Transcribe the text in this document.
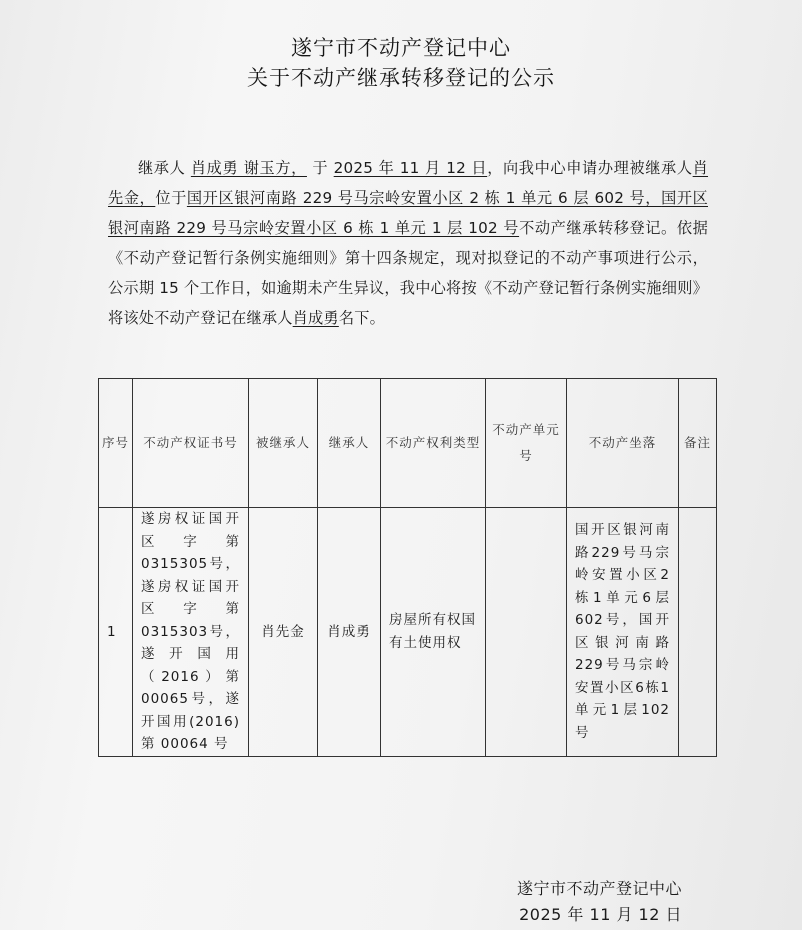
遂宁市不动产登记中心
关于不动产继承转移登记的公示
继承人 肖成勇 谢玉方， 于 2025 年 11 月 12 日，向我中心申请办理被继承人肖先金，位于国开区银河南路 229 号马宗岭安置小区 2 栋 1 单元 6 层 602 号，国开区银河南路 229 号马宗岭安置小区 6 栋 1 单元 1 层 102 号不动产继承转移登记。依据《不动产登记暂行条例实施细则》第十四条规定，现对拟登记的不动产事项进行公示，公示期 15 个工作日，如逾期未产生异议，我中心将按《不动产登记暂行条例实施细则》将该处不动产登记在继承人肖成勇名下。
序号	不动产权证书号	被继承人	继承人	不动产权利类型	不动产单元号	不动产坐落	备注
1	遂房权证国开区字第0315305号，遂房权证国开区字第0315303号，遂开国用（2016）第00065号，遂开国用(2016)第 00064 号	肖先金	肖成勇	房屋所有权国有土使用权		国开区银河南路229号马宗岭安置小区2栋1单元6层602号，国开区银河南路229号马宗岭安置小区6栋1单元1层102号	
遂宁市不动产登记中心
2025 年 11 月 12 日
